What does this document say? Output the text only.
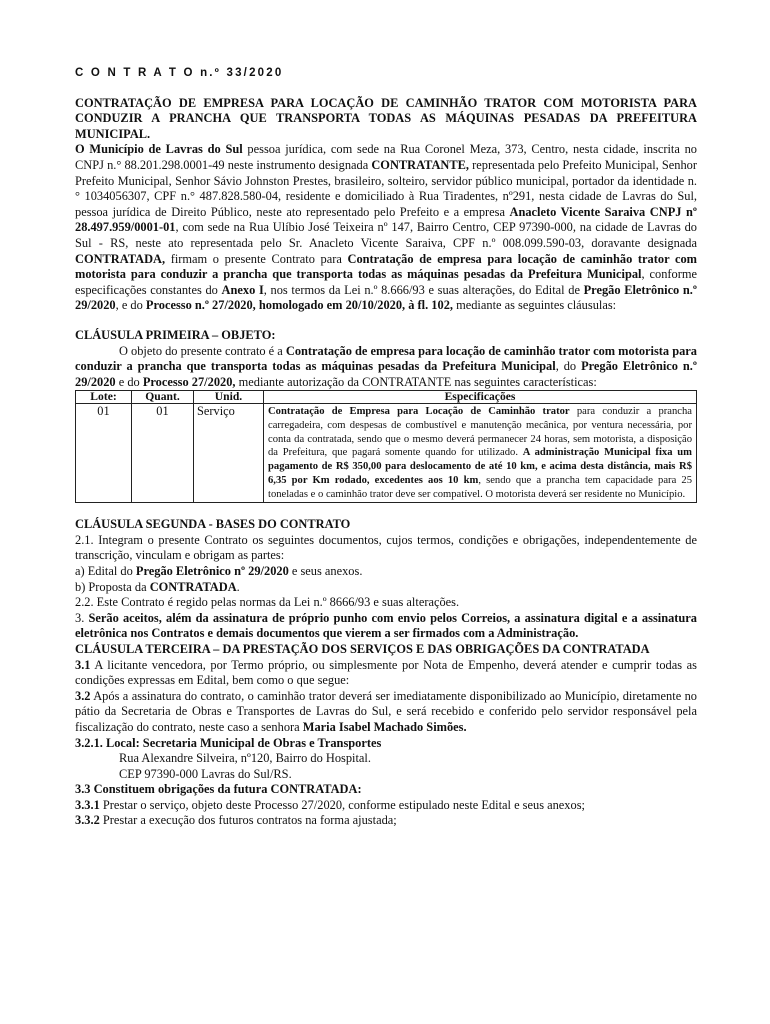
C O N T R A T O n.º 33/2020

CONTRATAÇÃO DE EMPRESA PARA LOCAÇÃO DE CAMINHÃO TRATOR COM MOTORISTA PARA CONDUZIR A PRANCHA QUE TRANSPORTA TODAS AS MÁQUINAS PESADAS DA PREFEITURA MUNICIPAL.

O Município de Lavras do Sul pessoa jurídica, com sede na Rua Coronel Meza, 373, Centro, nesta cidade, inscrita no CNPJ n.° 88.201.298.0001-49 neste instrumento designada CONTRATANTE, representada pelo Prefeito Municipal, Senhor Prefeito Municipal, Senhor Sávio Johnston Prestes, brasileiro, solteiro, servidor público municipal, portador da identidade n.° 1034056307, CPF n.° 487.828.580-04, residente e domiciliado à Rua Tiradentes, nº291, nesta cidade de Lavras do Sul, pessoa jurídica de Direito Público, neste ato representado pelo Prefeito e a empresa Anacleto Vicente Saraiva CNPJ nº 28.497.959/0001-01, com sede na Rua Ulíbio José Teixeira nº 147, Bairro Centro, CEP 97390-000, na cidade de Lavras do Sul - RS, neste ato representada pelo Sr. Anacleto Vicente Saraiva, CPF n.º 008.099.590-03, doravante designada CONTRATADA, firmam o presente Contrato para Contratação de empresa para locação de caminhão trator com motorista para conduzir a prancha que transporta todas as máquinas pesadas da Prefeitura Municipal, conforme especificações constantes do Anexo I, nos termos da Lei n.º 8.666/93 e suas alterações, do Edital de Pregão Eletrônico n.º 29/2020, e do Processo n.º 27/2020, homologado em 20/10/2020, à fl. 102, mediante as seguintes cláusulas:

CLÁUSULA PRIMEIRA – OBJETO:

O objeto do presente contrato é a Contratação de empresa para locação de caminhão trator com motorista para conduzir a prancha que transporta todas as máquinas pesadas da Prefeitura Municipal, do Pregão Eletrônico n.º 29/2020 e do Processo 27/2020, mediante autorização da CONTRATANTE nas seguintes características:

Lote:	Quant.	Unid.	Especificações
01	01	Serviço	Contratação de Empresa para Locação de Caminhão trator para conduzir a prancha carregadeira, com despesas de combustível e manutenção mecânica, por ventura necessária, por conta da contratada, sendo que o mesmo deverá permanecer 24 horas, sem motorista, a disposição da Prefeitura, que pagará somente quando for utilizado. A administração Municipal fixa um pagamento de R$ 350,00 para deslocamento de até 10 km, e acima desta distância, mais R$ 6,35 por Km rodado, excedentes aos 10 km, sendo que a prancha tem capacidade para 25 toneladas e o caminhão trator deve ser compatível. O motorista deverá ser residente no Município.

CLÁUSULA SEGUNDA - BASES DO CONTRATO

2.1. Integram o presente Contrato os seguintes documentos, cujos termos, condições e obrigações, independentemente de transcrição, vinculam e obrigam as partes:

a) Edital do Pregão Eletrônico nº 29/2020 e seus anexos.

b) Proposta da CONTRATADA.

2.2. Este Contrato é regido pelas normas da Lei n.º 8666/93 e suas alterações.

3. Serão aceitos, além da assinatura de próprio punho com envio pelos Correios, a assinatura digital e a assinatura eletrônica nos Contratos e demais documentos que vierem a ser firmados com a Administração.

CLÁUSULA TERCEIRA – DA PRESTAÇÃO DOS SERVIÇOS E DAS OBRIGAÇÕES DA CONTRATADA

3.1 A licitante vencedora, por Termo próprio, ou simplesmente por Nota de Empenho, deverá atender e cumprir todas as condições expressas em Edital, bem como o que segue:

3.2 Após a assinatura do contrato, o caminhão trator deverá ser imediatamente disponibilizado ao Município, diretamente no pátio da Secretaria de Obras e Transportes de Lavras do Sul, e será recebido e conferido pelo servidor responsável pela fiscalização do contrato, neste caso a senhora Maria Isabel Machado Simões.

3.2.1. Local: Secretaria Municipal de Obras e Transportes

Rua Alexandre Silveira, nº120, Bairro do Hospital.

CEP 97390-000 Lavras do Sul/RS.

3.3 Constituem obrigações da futura CONTRATADA:

3.3.1 Prestar o serviço, objeto deste Processo 27/2020, conforme estipulado neste Edital e seus anexos;

3.3.2 Prestar a execução dos futuros contratos na forma ajustada;
